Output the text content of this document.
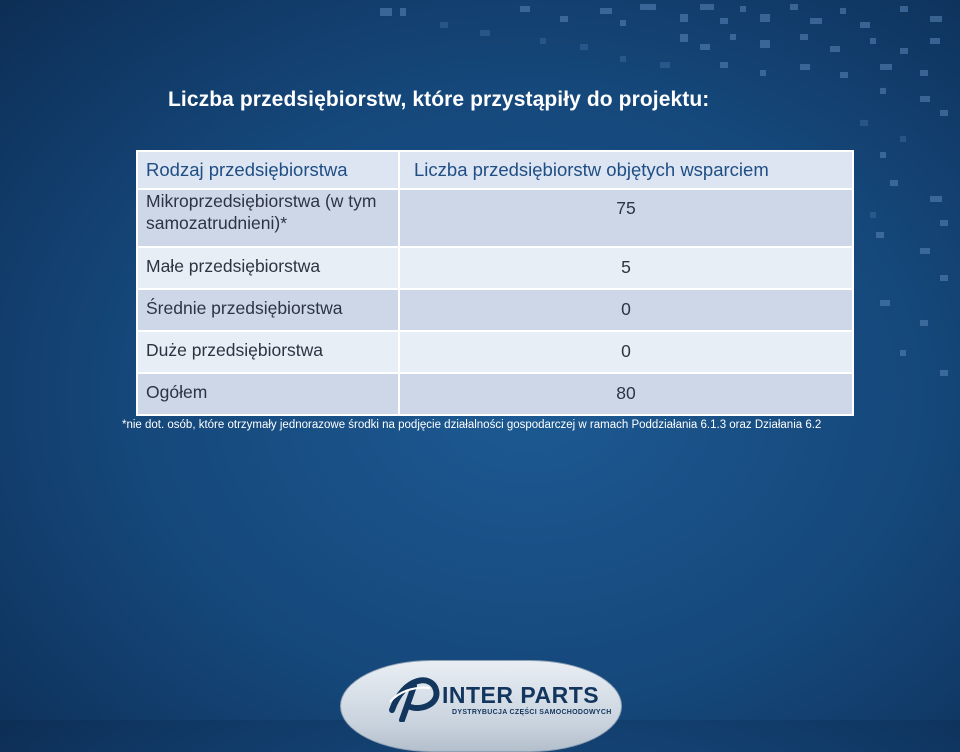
Liczba przedsiębiorstw, które przystąpiły do projektu:
Rodzaj przedsiębiorstwa	Liczba przedsiębiorstw objętych wsparciem
Mikroprzedsiębiorstwa (w tym samozatrudnieni)*	75
Małe przedsiębiorstwa	5
Średnie przedsiębiorstwa	0
Duże przedsiębiorstwa	0
Ogółem	80

*nie dot. osób, które otrzymały jednorazowe środki na podjęcie działalności gospodarczej w ramach Poddziałania 6.1.3 oraz Działania 6.2

INTER PARTS

DYSTRYBUCJA CZĘŚCI SAMOCHODOWYCH
